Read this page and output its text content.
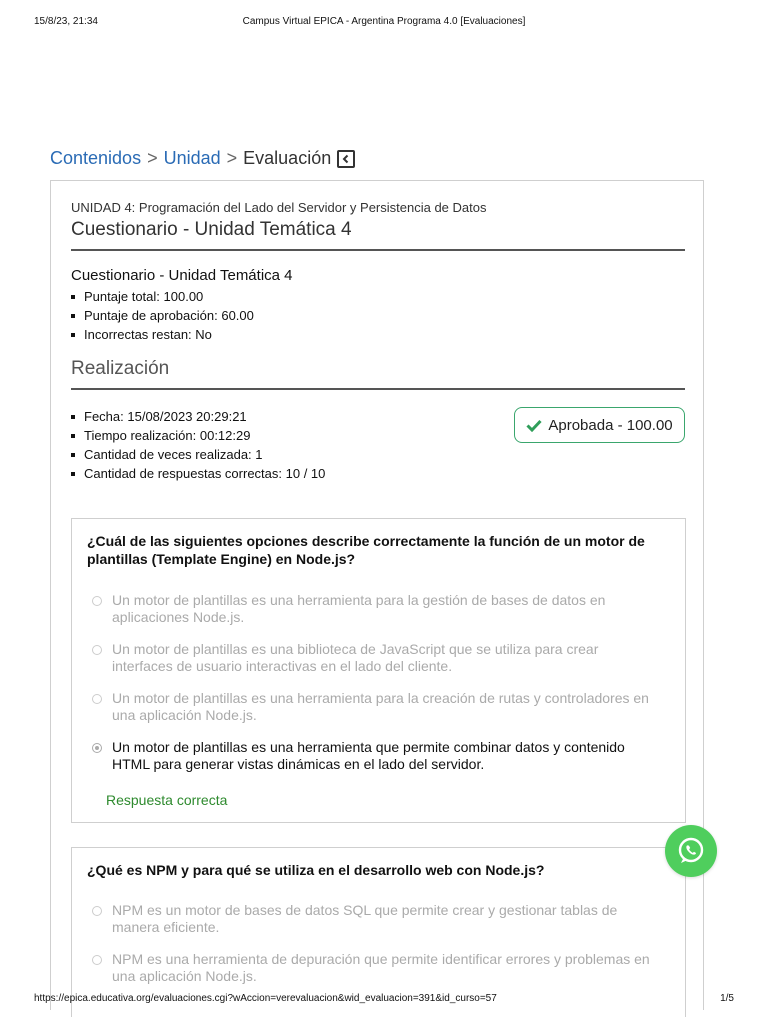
15/8/23, 21:34	Campus Virtual EPICA - Argentina Programa 4.0 [Evaluaciones]
Contenidos > Unidad > Evaluación
UNIDAD 4: Programación del Lado del Servidor y Persistencia de Datos
Cuestionario - Unidad Temática 4
Cuestionario - Unidad Temática 4
Puntaje total: 100.00
Puntaje de aprobación: 60.00
Incorrectas restan: No
Realización
Fecha: 15/08/2023 20:29:21
Tiempo realización: 00:12:29
Cantidad de veces realizada: 1
Cantidad de respuestas correctas: 10 / 10
Aprobada - 100.00
¿Cuál de las siguientes opciones describe correctamente la función de un motor de plantillas (Template Engine) en Node.js?
Un motor de plantillas es una herramienta para la gestión de bases de datos en aplicaciones Node.js.
Un motor de plantillas es una biblioteca de JavaScript que se utiliza para crear interfaces de usuario interactivas en el lado del cliente.
Un motor de plantillas es una herramienta para la creación de rutas y controladores en una aplicación Node.js.
Un motor de plantillas es una herramienta que permite combinar datos y contenido HTML para generar vistas dinámicas en el lado del servidor.
Respuesta correcta
¿Qué es NPM y para qué se utiliza en el desarrollo web con Node.js?
NPM es un motor de bases de datos SQL que permite crear y gestionar tablas de manera eficiente.
NPM es una herramienta de depuración que permite identificar errores y problemas en una aplicación Node.js.
https://epica.educativa.org/evaluaciones.cgi?wAccion=verevaluacion&wid_evaluacion=391&id_curso=57	1/5
